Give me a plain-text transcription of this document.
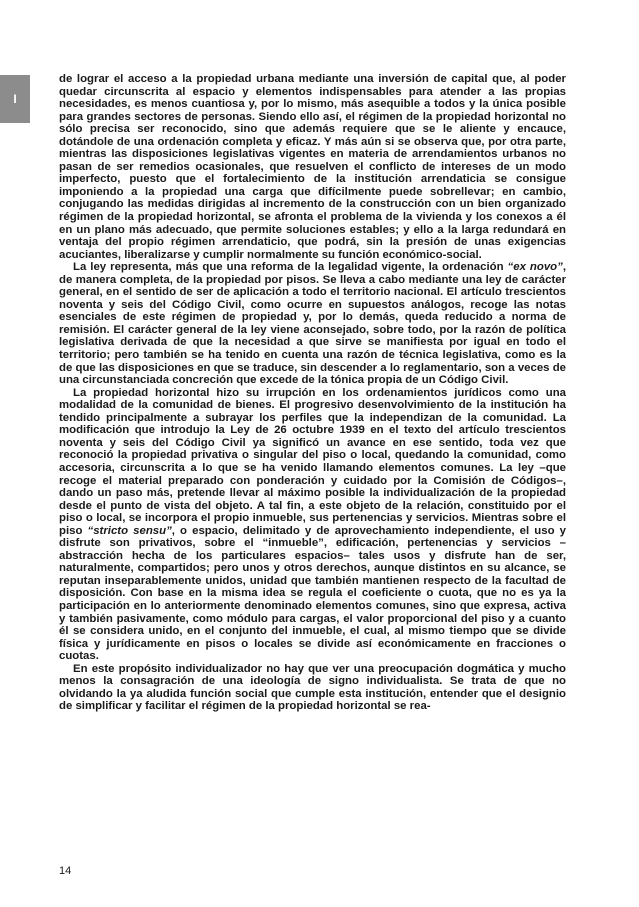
I

de lograr el acceso a la propiedad urbana mediante una inversión de capital que, al poder quedar circunscrita al espacio y elementos indispensables para atender a las propias necesidades, es menos cuantiosa y, por lo mismo, más asequible a todos y la única posible para grandes sectores de personas. Siendo ello así, el régimen de la propiedad horizontal no sólo precisa ser reconocido, sino que además requiere que se le aliente y encauce, dotándole de una ordenación completa y eficaz. Y más aún si se observa que, por otra parte, mientras las disposiciones legislativas vigentes en materia de arrendamientos urbanos no pasan de ser remedios ocasionales, que resuelven el conflicto de intereses de un modo imperfecto, puesto que el fortalecimiento de la institución arrendaticia se consigue imponiendo a la propiedad una carga que difícilmente puede sobrellevar; en cambio, conjugando las medidas dirigidas al incremento de la construcción con un bien organizado régimen de la propiedad horizontal, se afronta el problema de la vivienda y los conexos a él en un plano más adecuado, que permite soluciones estables; y ello a la larga redundará en ventaja del propio régimen arrendaticio, que podrá, sin la presión de unas exigencias acuciantes, liberalizarse y cumplir normalmente su función económico-social.

La ley representa, más que una reforma de la legalidad vigente, la ordenación “ex novo”, de manera completa, de la propiedad por pisos. Se lleva a cabo mediante una ley de carácter general, en el sentido de ser de aplicación a todo el territorio nacional. El artículo trescientos noventa y seis del Código Civil, como ocurre en supuestos análogos, recoge las notas esenciales de este régimen de propiedad y, por lo demás, queda reducido a norma de remisión. El carácter general de la ley viene aconsejado, sobre todo, por la razón de política legislativa derivada de que la necesidad a que sirve se manifiesta por igual en todo el territorio; pero también se ha tenido en cuenta una razón de técnica legislativa, como es la de que las disposiciones en que se traduce, sin descender a lo reglamentario, son a veces de una circunstanciada concreción que excede de la tónica propia de un Código Civil.

La propiedad horizontal hizo su irrupción en los ordenamientos jurídicos como una modalidad de la comunidad de bienes. El progresivo desenvolvimiento de la institución ha tendido principalmente a subrayar los perfiles que la independizan de la comunidad. La modificación que introdujo la Ley de 26 octubre 1939 en el texto del artículo trescientos noventa y seis del Código Civil ya significó un avance en ese sentido, toda vez que reconoció la propiedad privativa o singular del piso o local, quedando la comunidad, como accesoria, circunscrita a lo que se ha venido llamando elementos comunes. La ley –que recoge el material preparado con ponderación y cuidado por la Comisión de Códigos–, dando un paso más, pretende llevar al máximo posible la individualización de la propiedad desde el punto de vista del objeto. A tal fin, a este objeto de la relación, constituido por el piso o local, se incorpora el propio inmueble, sus pertenencias y servicios. Mientras sobre el piso “stricto sensu”, o espacio, delimitado y de aprovechamiento independiente, el uso y disfrute son privativos, sobre el “inmueble”, edificación, pertenencias y servicios –abstracción hecha de los particulares espacios– tales usos y disfrute han de ser, naturalmente, compartidos; pero unos y otros derechos, aunque distintos en su alcance, se reputan inseparablemente unidos, unidad que también mantienen respecto de la facultad de disposición. Con base en la misma idea se regula el coeficiente o cuota, que no es ya la participación en lo anteriormente denominado elementos comunes, sino que expresa, activa y también pasivamente, como módulo para cargas, el valor proporcional del piso y a cuanto él se considera unido, en el conjunto del inmueble, el cual, al mismo tiempo que se divide física y jurídicamente en pisos o locales se divide así económicamente en fracciones o cuotas.

En este propósito individualizador no hay que ver una preocupación dogmática y mucho menos la consagración de una ideología de signo individualista. Se trata de que no olvidando la ya aludida función social que cumple esta institución, entender que el designio de simplificar y facilitar el régimen de la propiedad horizontal se rea-

14
